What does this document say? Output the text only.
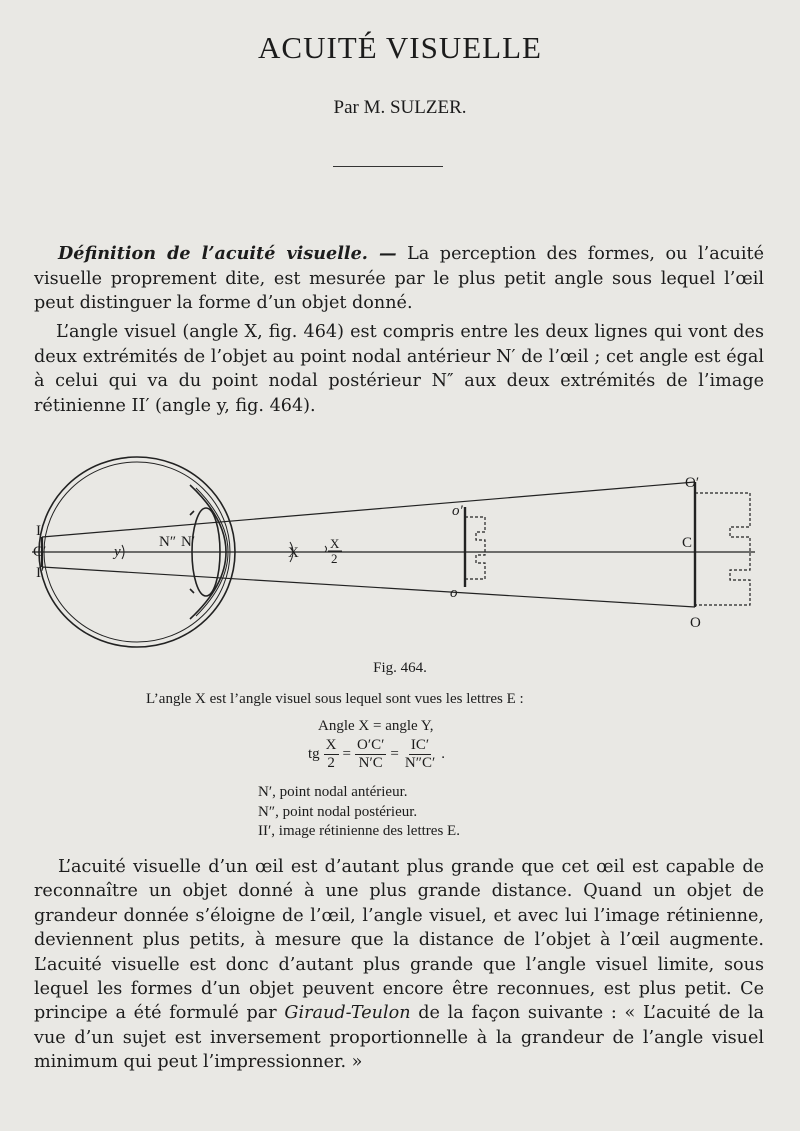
ACUITÉ VISUELLE
Par M. SULZER.

Définition de l’acuité visuelle. — La perception des formes, ou l’acuité visuelle proprement dite, est mesurée par le plus petit angle sous lequel l’œil peut distinguer la forme d’un objet donné.

L’angle visuel (angle X, fig. 464) est compris entre les deux lignes qui vont des deux extrémités de l’objet au point nodal antérieur N′ de l’œil ; cet angle est égal à celui qui va du point nodal postérieur N″ aux deux extrémités de l’image rétinienne II′ (angle y, fig. 464).

I
C′
I′
y
N″ N′
X
X
2
o′
o
C
O′
O
Fig. 464.
L’angle X est l’angle visuel sous lequel sont vues les lettres E :
Angle X = angle Y,
tg $\frac{X}{2} = \frac{O'C'}{N'C} = \frac{IC'}{N''C'}$ .
N′, point nodal antérieur.
N″, point nodal postérieur.
II′, image rétinienne des lettres E.

L’acuité visuelle d’un œil est d’autant plus grande que cet œil est capable de reconnaître un objet donné à une plus grande distance. Quand un objet de grandeur donnée s’éloigne de l’œil, l’angle visuel, et avec lui l’image rétinienne, deviennent plus petits, à mesure que la distance de l’objet à l’œil augmente. L’acuité visuelle est donc d’autant plus grande que l’angle visuel limite, sous lequel les formes d’un objet peuvent encore être reconnues, est plus petit. Ce principe a été formulé par Giraud-Teulon de la façon suivante : « L’acuité de la vue d’un sujet est inversement proportionnelle à la grandeur de l’angle visuel minimum qui peut l’impressionner. »
